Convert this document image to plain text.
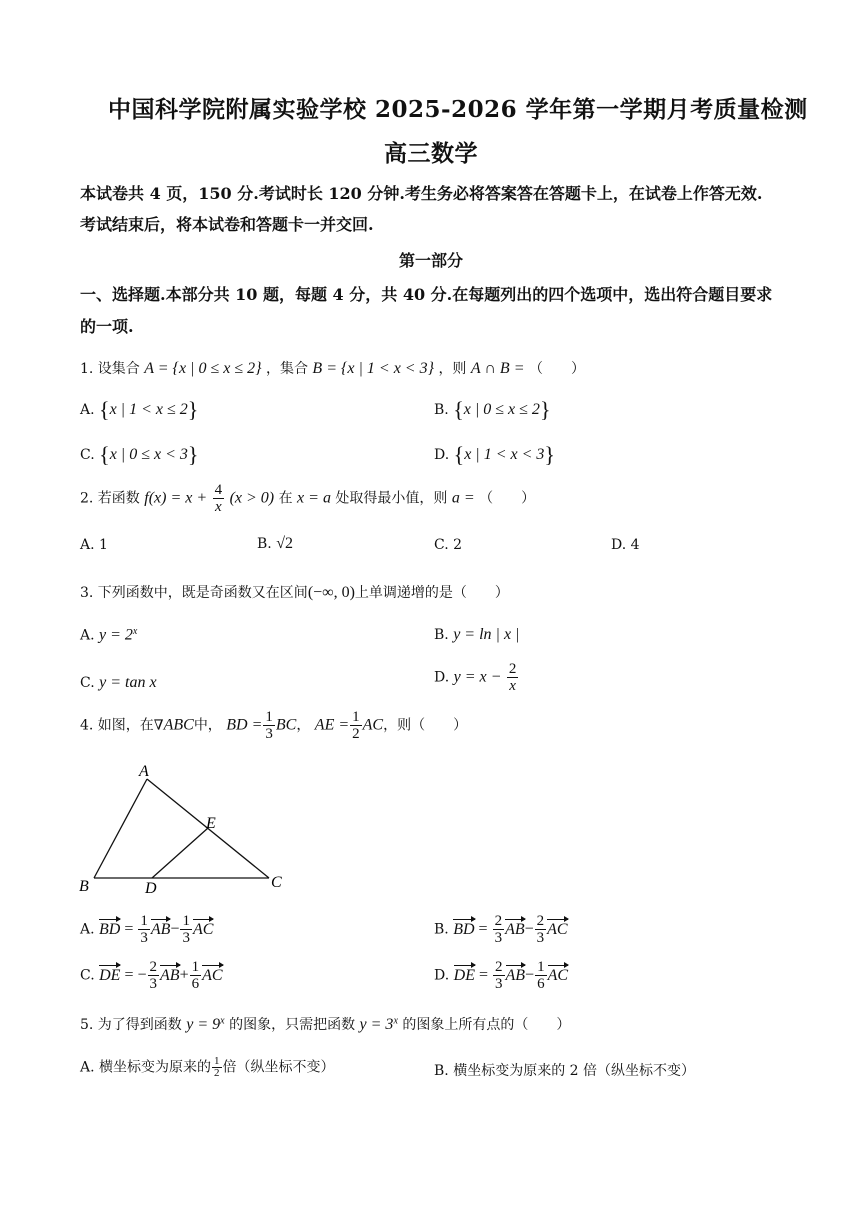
中国科学院附属实验学校 2025-2026 学年第一学期月考质量检测
高三数学
本试卷共 4 页，150 分.考试时长 120 分钟.考生务必将答案答在答题卡上，在试卷上作答无效.
考试结束后，将本试卷和答题卡一并交回.
第一部分
一、选择题.本部分共 10 题，每题 4 分，共 40 分.在每题列出的四个选项中，选出符合题目要求
的一项.
1. 设集合 A = {x | 0 ≤ x ≤ 2} ，集合 B = {x | 1 < x < 3} ，则 A ∩ B = （　　）
A. {x | 1 < x ≤ 2}	B. {x | 0 ≤ x ≤ 2}
C. {x | 0 ≤ x < 3}	D. {x | 1 < x < 3}
2. 若函数 $f(x) = x + \frac{4}{x} (x > 0)$ 在 x = a 处取得最小值，则 a = （　　）
A. 1	B. √2	C. 2	D. 4
3. 下列函数中，既是奇函数又在区间(−∞, 0)上单调递增的是（　　）
A. $y = 2^x$	B. y = ln | x |
C. y = tan x	D. $y = x - \frac{2}{x}$
4. 如图，在∇ABC中， BD = $\frac{1}{3}$ BC， AE = $\frac{1}{2}$ AC，则（　　）
A
B	C
D
E
A. BD = $\frac{1}{3} AB- \frac{1}{3}$ AC	B. BD = $\frac{2}{3} AB- \frac{2}{3}$ AC
C. DE = − $\frac{2}{3} AB+ \frac{1}{6}$ AC	D. DE = $\frac{2}{3} AB- \frac{1}{6}$ AC
5. 为了得到函数 $y = 9^x$ 的图象，只需把函数 $y = 3^x$ 的图象上所有点的（　　）
A. 横坐标变为原来的 $\frac{1}{2}$ 倍（纵坐标不变）	B. 横坐标变为原来的 2 倍（纵坐标不变）
